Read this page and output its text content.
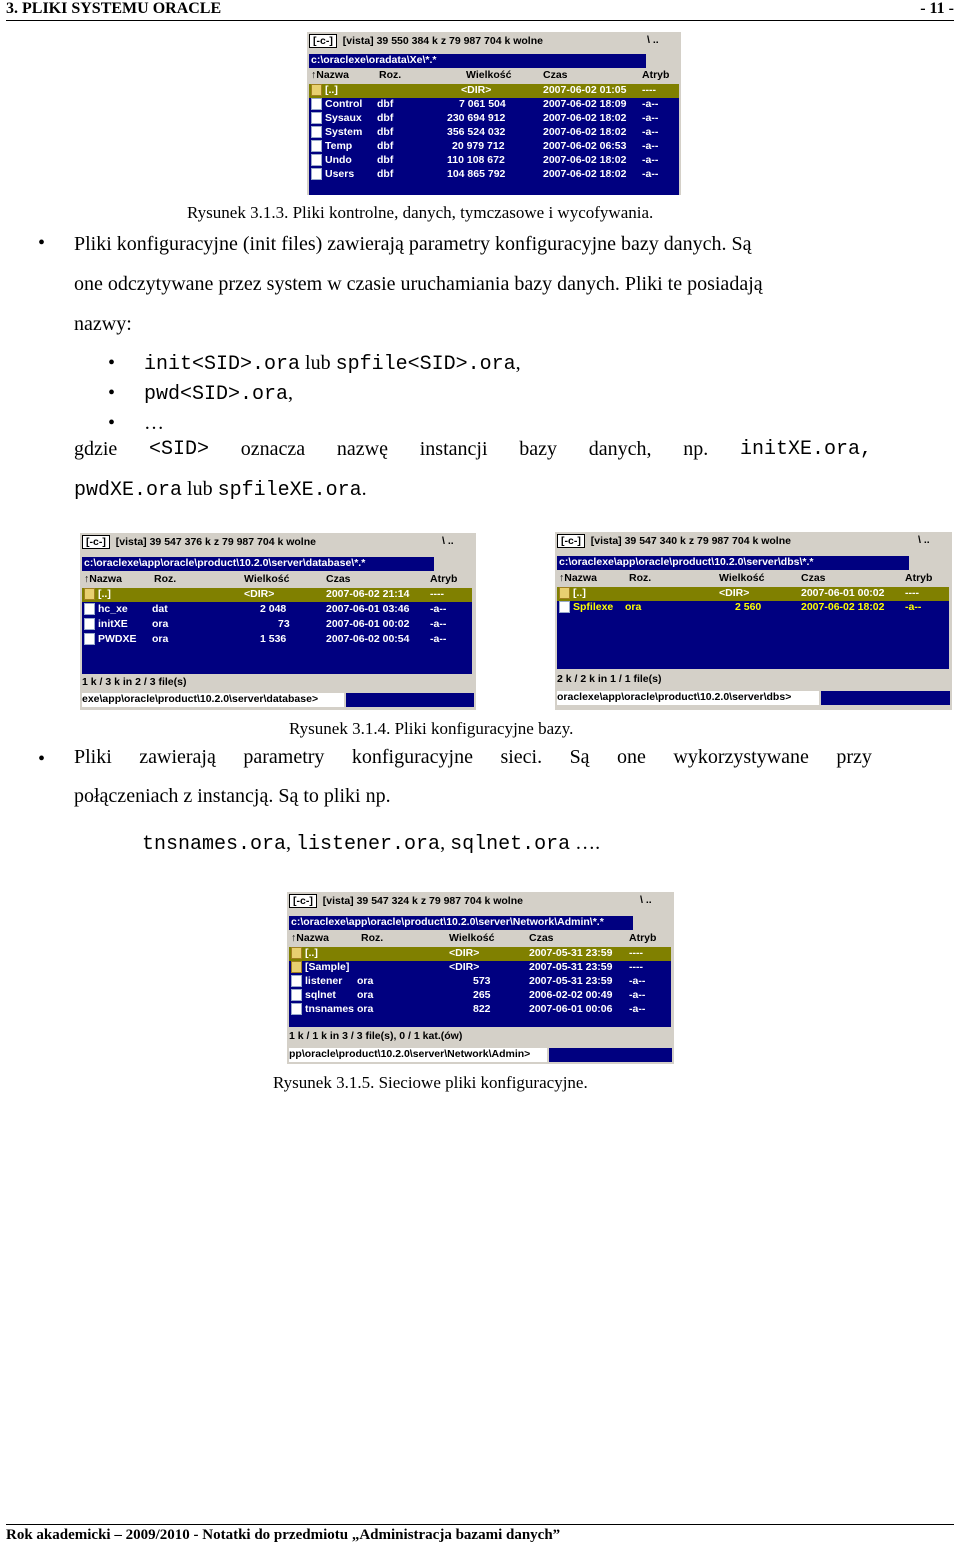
3. PLIKI SYSTEMU ORACLE	- 11 -
[-c-] [vista] 39 550 384 k z 79 987 704 k wolne	\ ..
c:\oraclexe\oradata\Xe\*.*
↑Nazwa	Roz.	Wielkość	Czas	Atryb
[..]	<DIR>	2007-06-02 01:05 ----
Control dbf	7 061 504	2007-06-02 18:09 -a--
Sysaux dbf	230 694 912	2007-06-02 18:02 -a--
System dbf	356 524 032	2007-06-02 18:02 -a--
Temp dbf	20 979 712	2007-06-02 06:53 -a--
Undo dbf	110 108 672	2007-06-02 18:02 -a--
Users dbf	104 865 792	2007-06-02 18:02 -a--
Rysunek 3.1.3. Pliki kontrolne, danych, tymczasowe i wycofywania.
• Pliki konfiguracyjne (init files) zawierają parametry konfiguracyjne bazy danych. Są
one odczytywane przez system w czasie uruchamiania bazy danych. Pliki te posiadają
nazwy:
• init<SID>.ora lub spfile<SID>.ora,
• pwd<SID>.ora,
• …
gdzie <SID> oznacza nazwę instancji bazy danych, np. initXE.ora,
pwdXE.ora lub spfileXE.ora.
[-c-] [vista] 39 547 376 k z 79 987 704 k wolne	\ ..
c:\oraclexe\app\oracle\product\10.2.0\server\database\*.*
↑Nazwa	Roz.	Wielkość	Czas	Atryb
[..]	<DIR>	2007-06-02 21:14 ----
hc_xe dat	2 048	2007-06-01 03:46 -a--
initXE ora	73	2007-06-01 00:02 -a--
PWDXE ora	1 536	2007-06-02 00:54 -a--
1 k / 3 k in 2 / 3 file(s)
exe\app\oracle\product\10.2.0\server\database>
[-c-] [vista] 39 547 340 k z 79 987 704 k wolne	\ ..
c:\oraclexe\app\oracle\product\10.2.0\server\dbs\*.*
↑Nazwa	Roz.	Wielkość	Czas	Atryb
[..]	<DIR>	2007-06-01 00:02 ----
Spfilexe ora	2 560	2007-06-02 18:02 -a--
2 k / 2 k in 1 / 1 file(s)
oraclexe\app\oracle\product\10.2.0\server\dbs>
Rysunek 3.1.4. Pliki konfiguracyjne bazy.
• Pliki zawierają parametry konfiguracyjne sieci. Są one wykorzystywane przy
połączeniach z instancją. Są to pliki np.
tnsnames.ora, listener.ora, sqlnet.ora ….
[-c-] [vista] 39 547 324 k z 79 987 704 k wolne	\ ..
c:\oraclexe\app\oracle\product\10.2.0\server\Network\Admin\*.*
↑Nazwa	Roz.	Wielkość	Czas	Atryb
[..]	<DIR>	2007-05-31 23:59 ----
[Sample]	<DIR>	2007-05-31 23:59 ----
listener ora	573	2007-05-31 23:59 -a--
sqlnet ora	265	2006-02-02 00:49 -a--
tnsnames ora	822	2007-06-01 00:06 -a--
1 k / 1 k in 3 / 3 file(s), 0 / 1 kat.(ów)
pp\oracle\product\10.2.0\server\Network\Admin>
Rysunek 3.1.5. Sieciowe pliki konfiguracyjne.
Rok akademicki – 2009/2010 - Notatki do przedmiotu „Administracja bazami danych”
